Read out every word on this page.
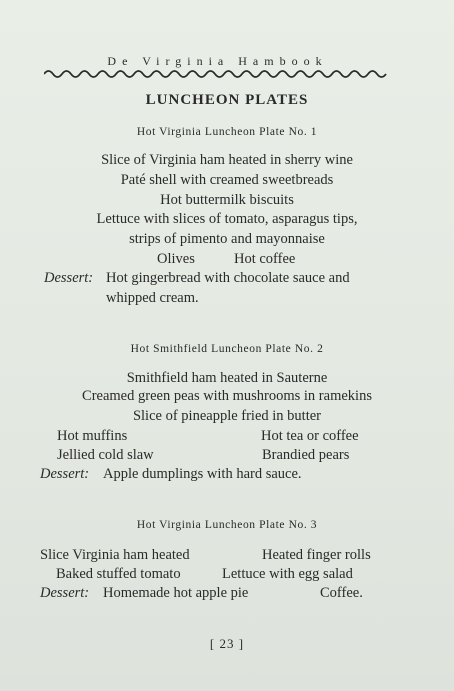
De Virginia Hambook
LUNCHEON PLATES
Hot Virginia Luncheon Plate No. 1
Slice of Virginia ham heated in sherry wine
Paté shell with creamed sweetbreads
Hot buttermilk biscuits
Lettuce with slices of tomato, asparagus tips,
strips of pimento and mayonnaise
Olives	Hot coffee
Dessert: Hot gingerbread with chocolate sauce and
whipped cream.
Hot Smithfield Luncheon Plate No. 2
Smithfield ham heated in Sauterne
Creamed green peas with mushrooms in ramekins
Slice of pineapple fried in butter
Hot muffins	Hot tea or coffee
Jellied cold slaw	Brandied pears
Dessert: Apple dumplings with hard sauce.
Hot Virginia Luncheon Plate No. 3
Slice Virginia ham heated	Heated finger rolls
Baked stuffed tomato	Lettuce with egg salad
Dessert: Homemade hot apple pie	Coffee.
[ 23 ]
